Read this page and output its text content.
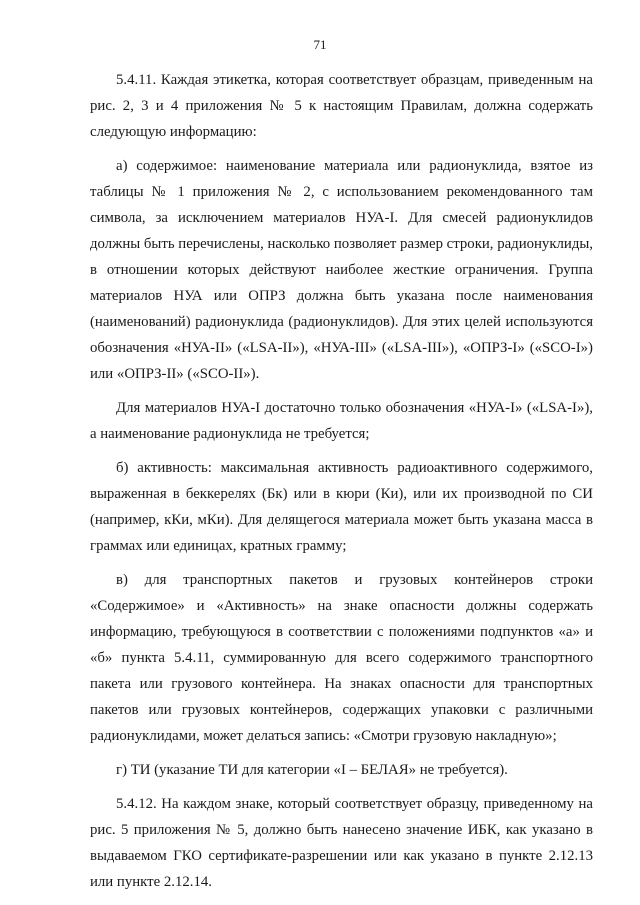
71

5.4.11. Каждая этикетка, которая соответствует образцам, приведенным на рис. 2, 3 и 4 приложения № 5 к настоящим Правилам, должна содержать следующую информацию:

а) содержимое: наименование материала или радионуклида, взятое из таблицы № 1 приложения № 2, с использованием рекомендованного там символа, за исключением материалов НУА-I. Для смесей радионуклидов должны быть перечислены, насколько позволяет размер строки, радионуклиды, в отношении которых действуют наиболее жесткие ограничения. Группа материалов НУА или ОПРЗ должна быть указана после наименования (наименований) радионуклида (радионуклидов). Для этих целей используются обозначения «НУА-II» («LSA-II»), «НУА-III» («LSA-III»), «ОПРЗ-I» («SCO-I») или «ОПРЗ-II» («SCO-II»).

Для материалов НУА-I достаточно только обозначения «НУА-I» («LSA-I»), а наименование радионуклида не требуется;

б) активность: максимальная активность радиоактивного содержимого, выраженная в беккерелях (Бк) или в кюри (Ки), или их производной по СИ (например, кКи, мКи). Для делящегося материала может быть указана масса в граммах или единицах, кратных грамму;

в) для транспортных пакетов и грузовых контейнеров строки «Содержимое» и «Активность» на знаке опасности должны содержать информацию, требующуюся в соответствии с положениями подпунктов «а» и «б» пункта 5.4.11, суммированную для всего содержимого транспортного пакета или грузового контейнера. На знаках опасности для транспортных пакетов или грузовых контейнеров, содержащих упаковки с различными радионуклидами, может делаться запись: «Смотри грузовую накладную»;

г) ТИ (указание ТИ для категории «I – БЕЛАЯ» не требуется).

5.4.12. На каждом знаке, который соответствует образцу, приведенному на рис. 5 приложения № 5, должно быть нанесено значение ИБК, как указано в выдаваемом ГКО сертификате-разрешении или как указано в пункте 2.12.13 или пункте 2.12.14.
